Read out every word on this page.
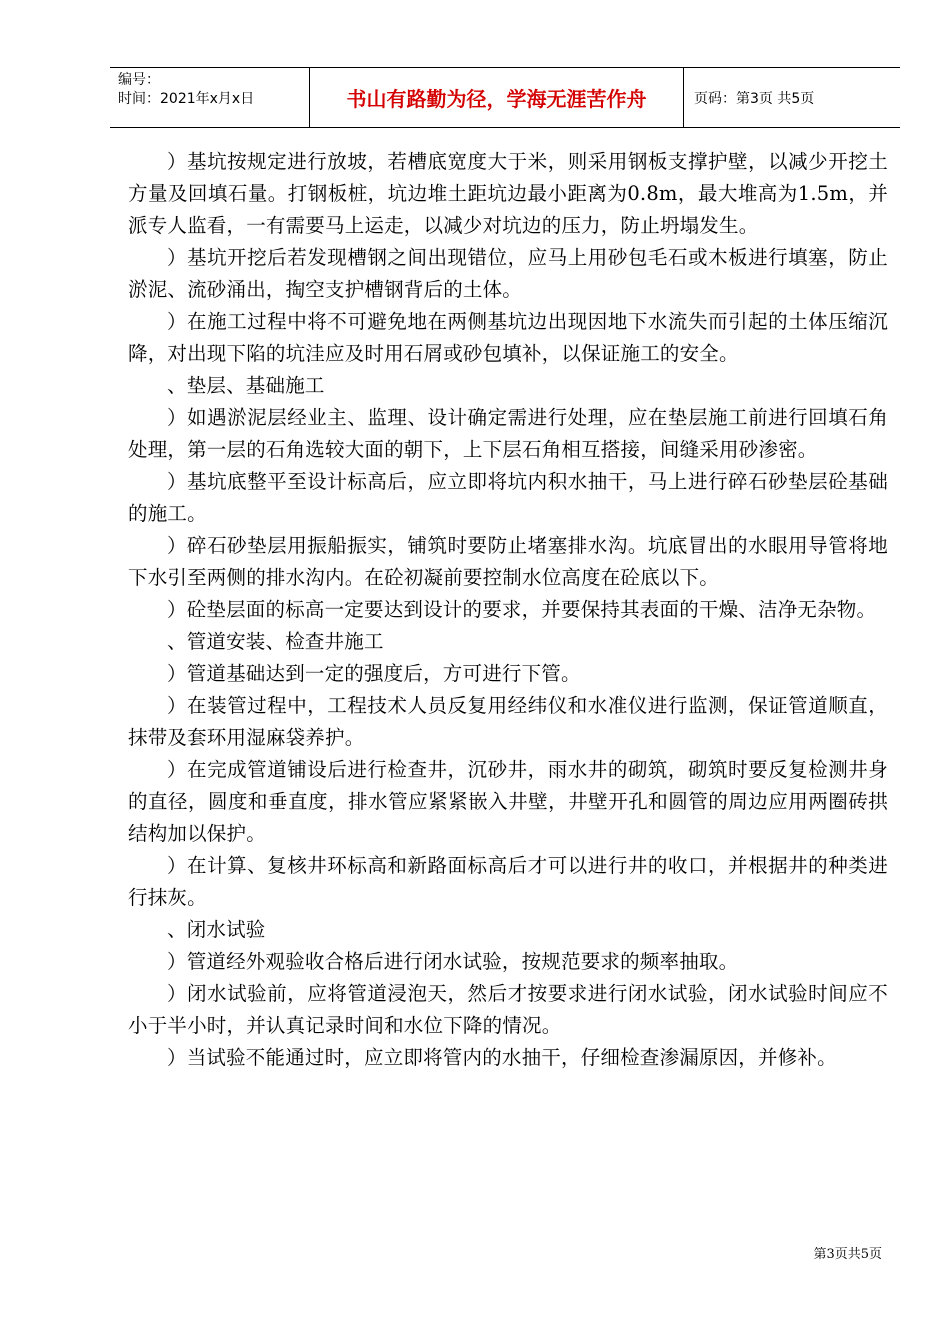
编号：
时间：2021年x月x日	书山有路勤为径，学海无涯苦作舟	页码：第3页 共5页

）基坑按规定进行放坡，若槽底宽度大于米，则采用钢板支撑护壁，以减少开挖土方量及回填石量。打钢板桩，坑边堆土距坑边最小距离为0.8m，最大堆高为1.5m，并派专人监看，一有需要马上运走，以减少对坑边的压力，防止坍塌发生。

）基坑开挖后若发现槽钢之间出现错位，应马上用砂包毛石或木板进行填塞，防止淤泥、流砂涌出，掏空支护槽钢背后的土体。

）在施工过程中将不可避免地在两侧基坑边出现因地下水流失而引起的土体压缩沉降，对出现下陷的坑洼应及时用石屑或砂包填补，以保证施工的安全。

、垫层、基础施工

）如遇淤泥层经业主、监理、设计确定需进行处理，应在垫层施工前进行回填石角处理，第一层的石角选较大面的朝下，上下层石角相互搭接，间缝采用砂渗密。

）基坑底整平至设计标高后，应立即将坑内积水抽干，马上进行碎石砂垫层砼基础的施工。

）碎石砂垫层用振船振实，铺筑时要防止堵塞排水沟。坑底冒出的水眼用导管将地下水引至两侧的排水沟内。在砼初凝前要控制水位高度在砼底以下。

）砼垫层面的标高一定要达到设计的要求，并要保持其表面的干燥、洁净无杂物。

、管道安装、检查井施工

）管道基础达到一定的强度后，方可进行下管。

）在装管过程中，工程技术人员反复用经纬仪和水准仪进行监测，保证管道顺直，抹带及套环用湿麻袋养护。

）在完成管道铺设后进行检查井，沉砂井，雨水井的砌筑，砌筑时要反复检测井身的直径，圆度和垂直度，排水管应紧紧嵌入井壁，井壁开孔和圆管的周边应用两圈砖拱结构加以保护。

）在计算、复核井环标高和新路面标高后才可以进行井的收口，并根据井的种类进行抹灰。

、闭水试验

）管道经外观验收合格后进行闭水试验，按规范要求的频率抽取。

）闭水试验前，应将管道浸泡天，然后才按要求进行闭水试验，闭水试验时间应不小于半小时，并认真记录时间和水位下降的情况。

）当试验不能通过时，应立即将管内的水抽干，仔细检查渗漏原因，并修补。

第3页共5页
